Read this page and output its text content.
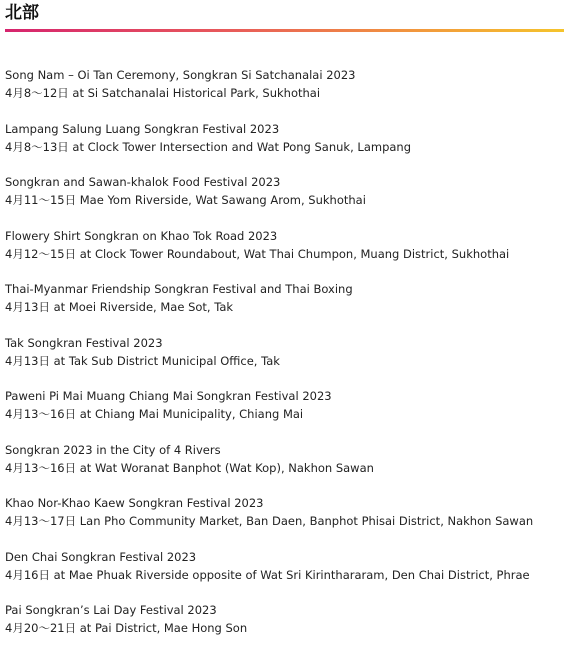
北部
Song Nam – Oi Tan Ceremony, Songkran Si Satchanalai 2023
4月8～12日 at Si Satchanalai Historical Park, Sukhothai
Lampang Salung Luang Songkran Festival 2023
4月8～13日 at Clock Tower Intersection and Wat Pong Sanuk, Lampang
Songkran and Sawan-khalok Food Festival 2023
4月11～15日 Mae Yom Riverside, Wat Sawang Arom, Sukhothai
Flowery Shirt Songkran on Khao Tok Road 2023
4月12～15日 at Clock Tower Roundabout, Wat Thai Chumpon, Muang District, Sukhothai
Thai-Myanmar Friendship Songkran Festival and Thai Boxing
4月13日 at Moei Riverside, Mae Sot, Tak
Tak Songkran Festival 2023
4月13日 at Tak Sub District Municipal Office, Tak
Paweni Pi Mai Muang Chiang Mai Songkran Festival 2023
4月13～16日 at Chiang Mai Municipality, Chiang Mai
Songkran 2023 in the City of 4 Rivers
4月13～16日 at Wat Woranat Banphot (Wat Kop), Nakhon Sawan
Khao Nor-Khao Kaew Songkran Festival 2023
4月13～17日 Lan Pho Community Market, Ban Daen, Banphot Phisai District, Nakhon Sawan
Den Chai Songkran Festival 2023
4月16日 at Mae Phuak Riverside opposite of Wat Sri Kirinthararam, Den Chai District, Phrae
Pai Songkran’s Lai Day Festival 2023
4月20～21日 at Pai District, Mae Hong Son
